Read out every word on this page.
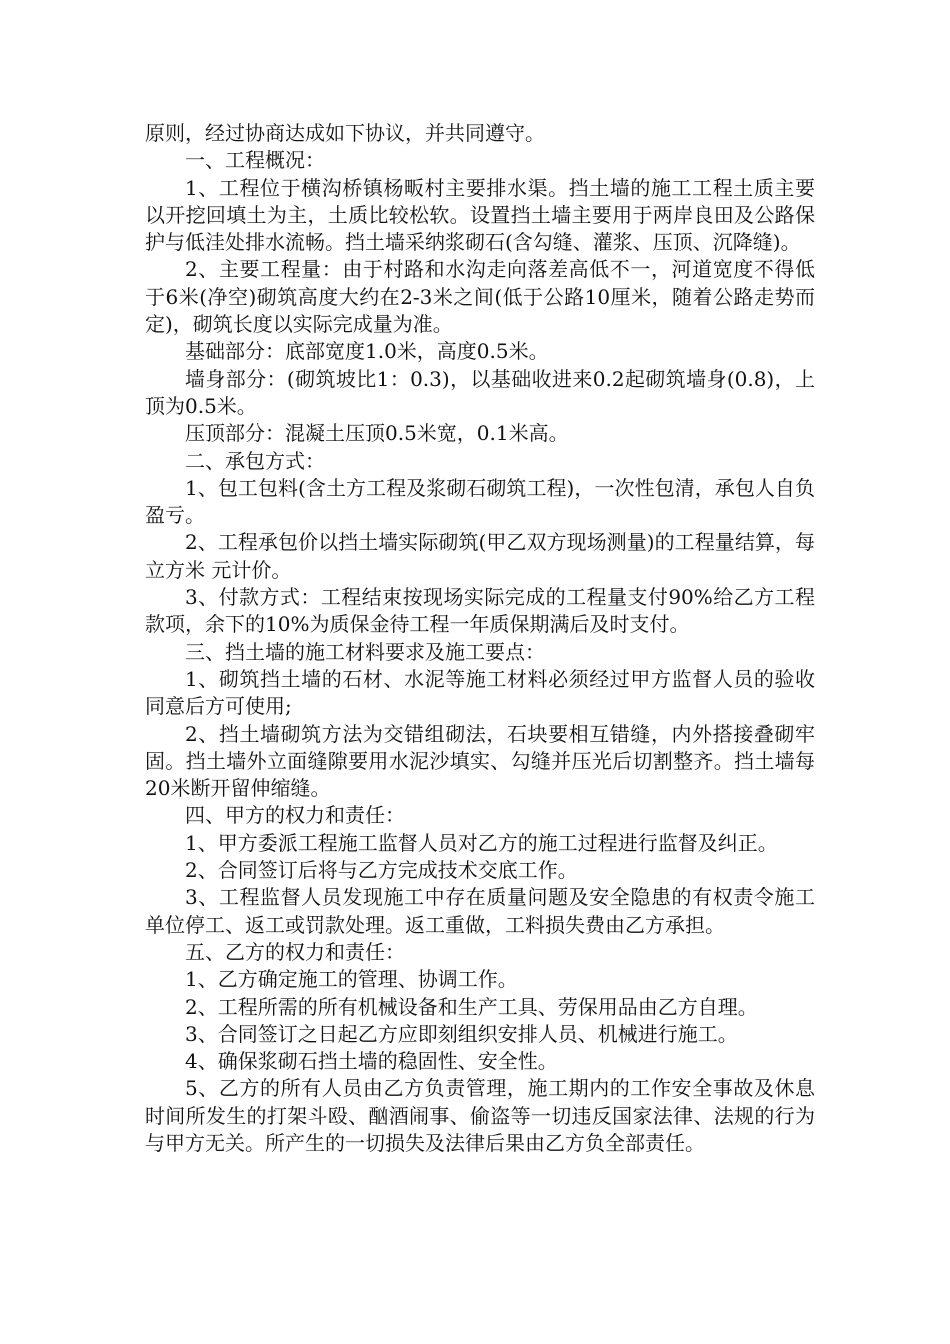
原则，经过协商达成如下协议，并共同遵守。

一、工程概况：

1、工程位于横沟桥镇杨畈村主要排水渠。挡土墙的施工工程土质主要以开挖回填土为主，土质比较松软。设置挡土墙主要用于两岸良田及公路保护与低洼处排水流畅。挡土墙采纳浆砌石(含勾缝、灌浆、压顶、沉降缝)。

2、主要工程量：由于村路和水沟走向落差高低不一，河道宽度不得低于6米(净空)砌筑高度大约在2-3米之间(低于公路10厘米，随着公路走势而定)，砌筑长度以实际完成量为准。

基础部分：底部宽度1.0米，高度0.5米。

墙身部分：(砌筑坡比1：0.3)，以基础收进来0.2起砌筑墙身(0.8)，上顶为0.5米。

压顶部分：混凝土压顶0.5米宽，0.1米高。

二、承包方式：

1、包工包料(含土方工程及浆砌石砌筑工程)，一次性包清，承包人自负盈亏。

2、工程承包价以挡土墙实际砌筑(甲乙双方现场测量)的工程量结算，每立方米 元计价。

3、付款方式：工程结束按现场实际完成的工程量支付90%给乙方工程款项，余下的10%为质保金待工程一年质保期满后及时支付。

三、挡土墙的施工材料要求及施工要点：

1、砌筑挡土墙的石材、水泥等施工材料必须经过甲方监督人员的验收同意后方可使用;

2、挡土墙砌筑方法为交错组砌法，石块要相互错缝，内外搭接叠砌牢固。挡土墙外立面缝隙要用水泥沙填实、勾缝并压光后切割整齐。挡土墙每20米断开留伸缩缝。

四、甲方的权力和责任：

1、甲方委派工程施工监督人员对乙方的施工过程进行监督及纠正。

2、合同签订后将与乙方完成技术交底工作。

3、工程监督人员发现施工中存在质量问题及安全隐患的有权责令施工单位停工、返工或罚款处理。返工重做，工料损失费由乙方承担。

五、乙方的权力和责任：

1、乙方确定施工的管理、协调工作。

2、工程所需的所有机械设备和生产工具、劳保用品由乙方自理。

3、合同签订之日起乙方应即刻组织安排人员、机械进行施工。

4、确保浆砌石挡土墙的稳固性、安全性。

5、乙方的所有人员由乙方负责管理，施工期内的工作安全事故及休息时间所发生的打架斗殴、酗酒闹事、偷盗等一切违反国家法律、法规的行为与甲方无关。所产生的一切损失及法律后果由乙方负全部责任。
